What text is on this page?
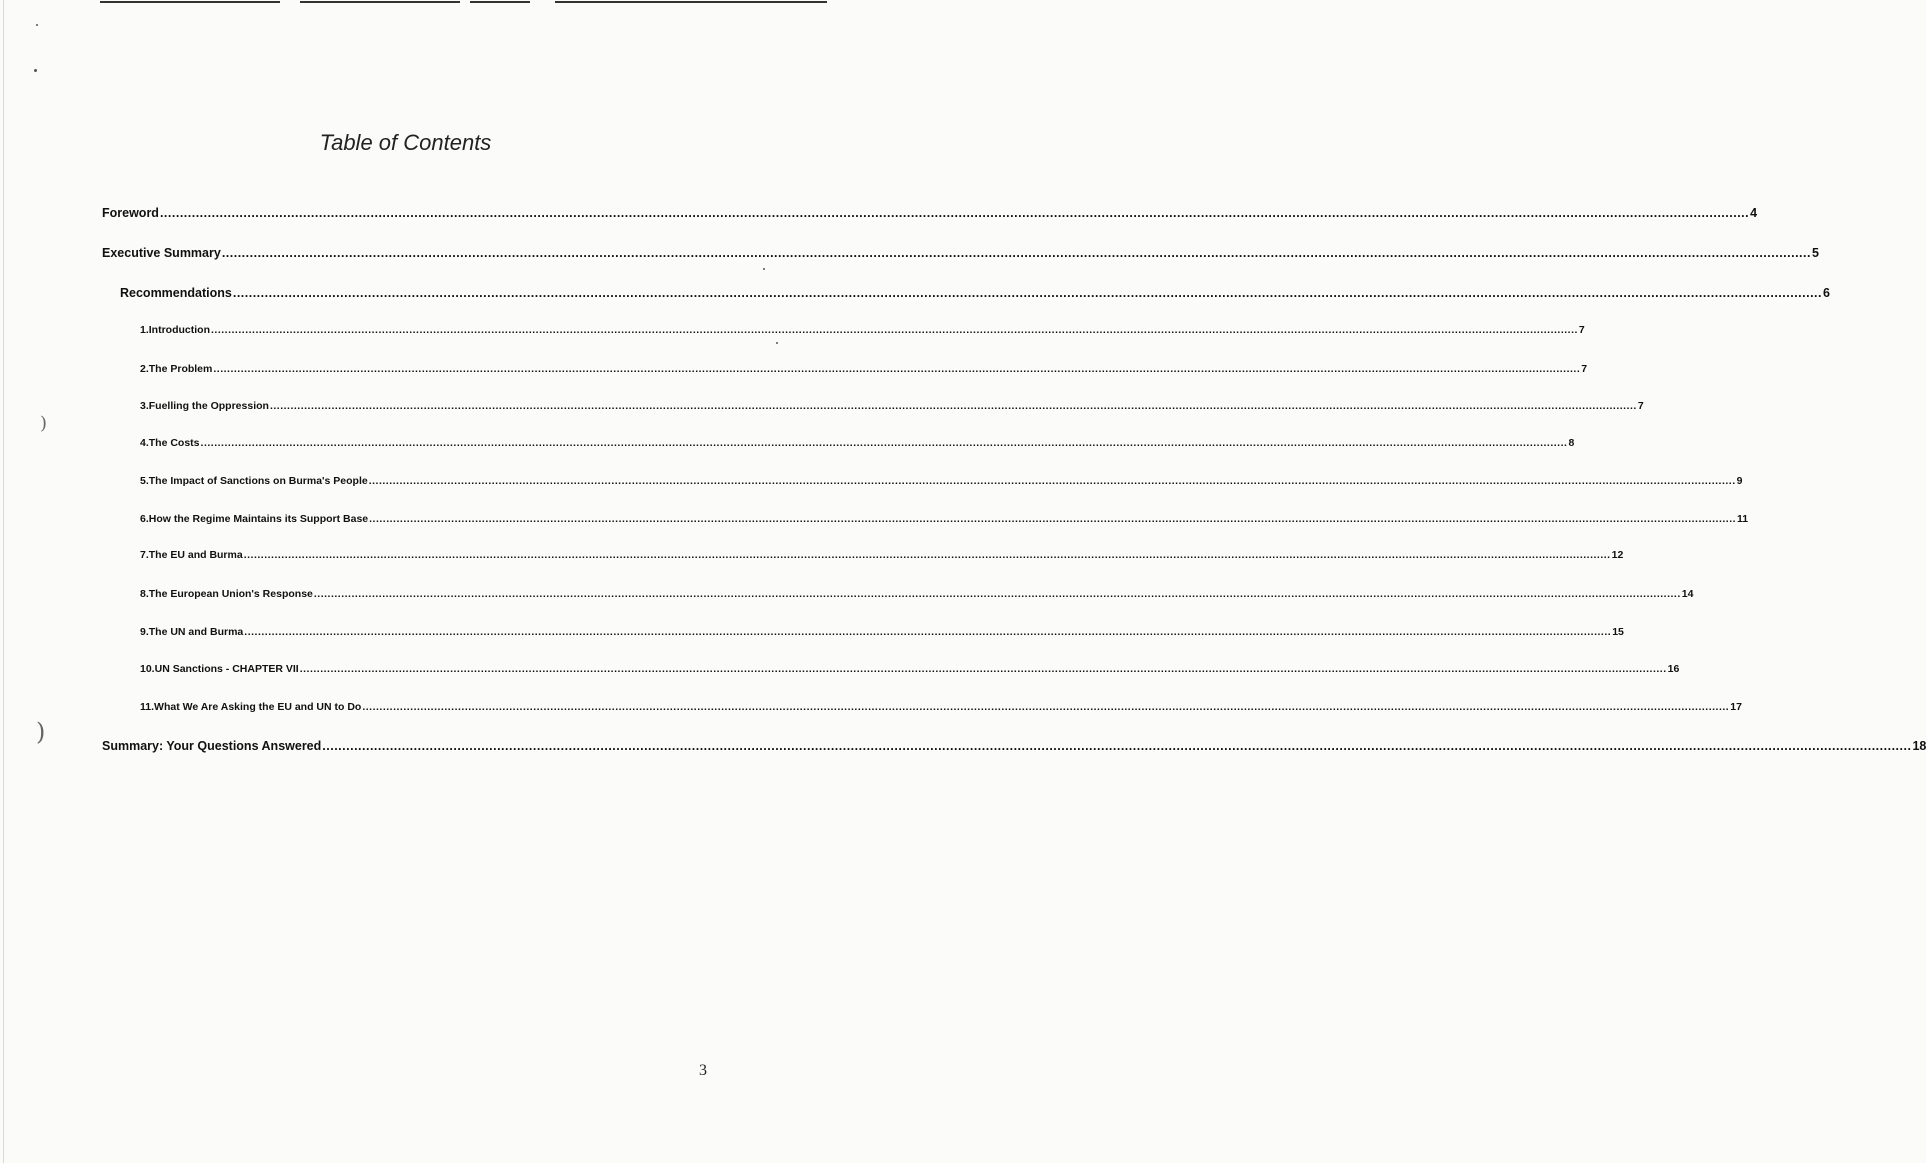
)
)
Table of Contents
Foreword ................................................................................................................................................................................................................................................................................................................................................................................................................ 4
Executive Summary ................................................................................................................................................................................................................................................................................................................................................................................................................ 5
Recommendations ................................................................................................................................................................................................................................................................................................................................................................................................................ 6
1. Introduction ................................................................................................................................................................................................................................................................................................................................................................................................................ 7
2. The Problem ................................................................................................................................................................................................................................................................................................................................................................................................................ 7
3. Fuelling the Oppression ................................................................................................................................................................................................................................................................................................................................................................................................................ 7
4. The Costs ................................................................................................................................................................................................................................................................................................................................................................................................................ 8
5. The Impact of Sanctions on Burma's People ................................................................................................................................................................................................................................................................................................................................................................................................................ 9
6. How the Regime Maintains its Support Base ................................................................................................................................................................................................................................................................................................................................................................................................................ 11
7. The EU and Burma ................................................................................................................................................................................................................................................................................................................................................................................................................ 12
8. The European Union's Response ................................................................................................................................................................................................................................................................................................................................................................................................................ 14
9. The UN and Burma ................................................................................................................................................................................................................................................................................................................................................................................................................ 15
10. UN Sanctions - CHAPTER VII ................................................................................................................................................................................................................................................................................................................................................................................................................ 16
11. What We Are Asking the EU and UN to Do ................................................................................................................................................................................................................................................................................................................................................................................................................ 17
Summary: Your Questions Answered ................................................................................................................................................................................................................................................................................................................................................................................................................ 18
3
